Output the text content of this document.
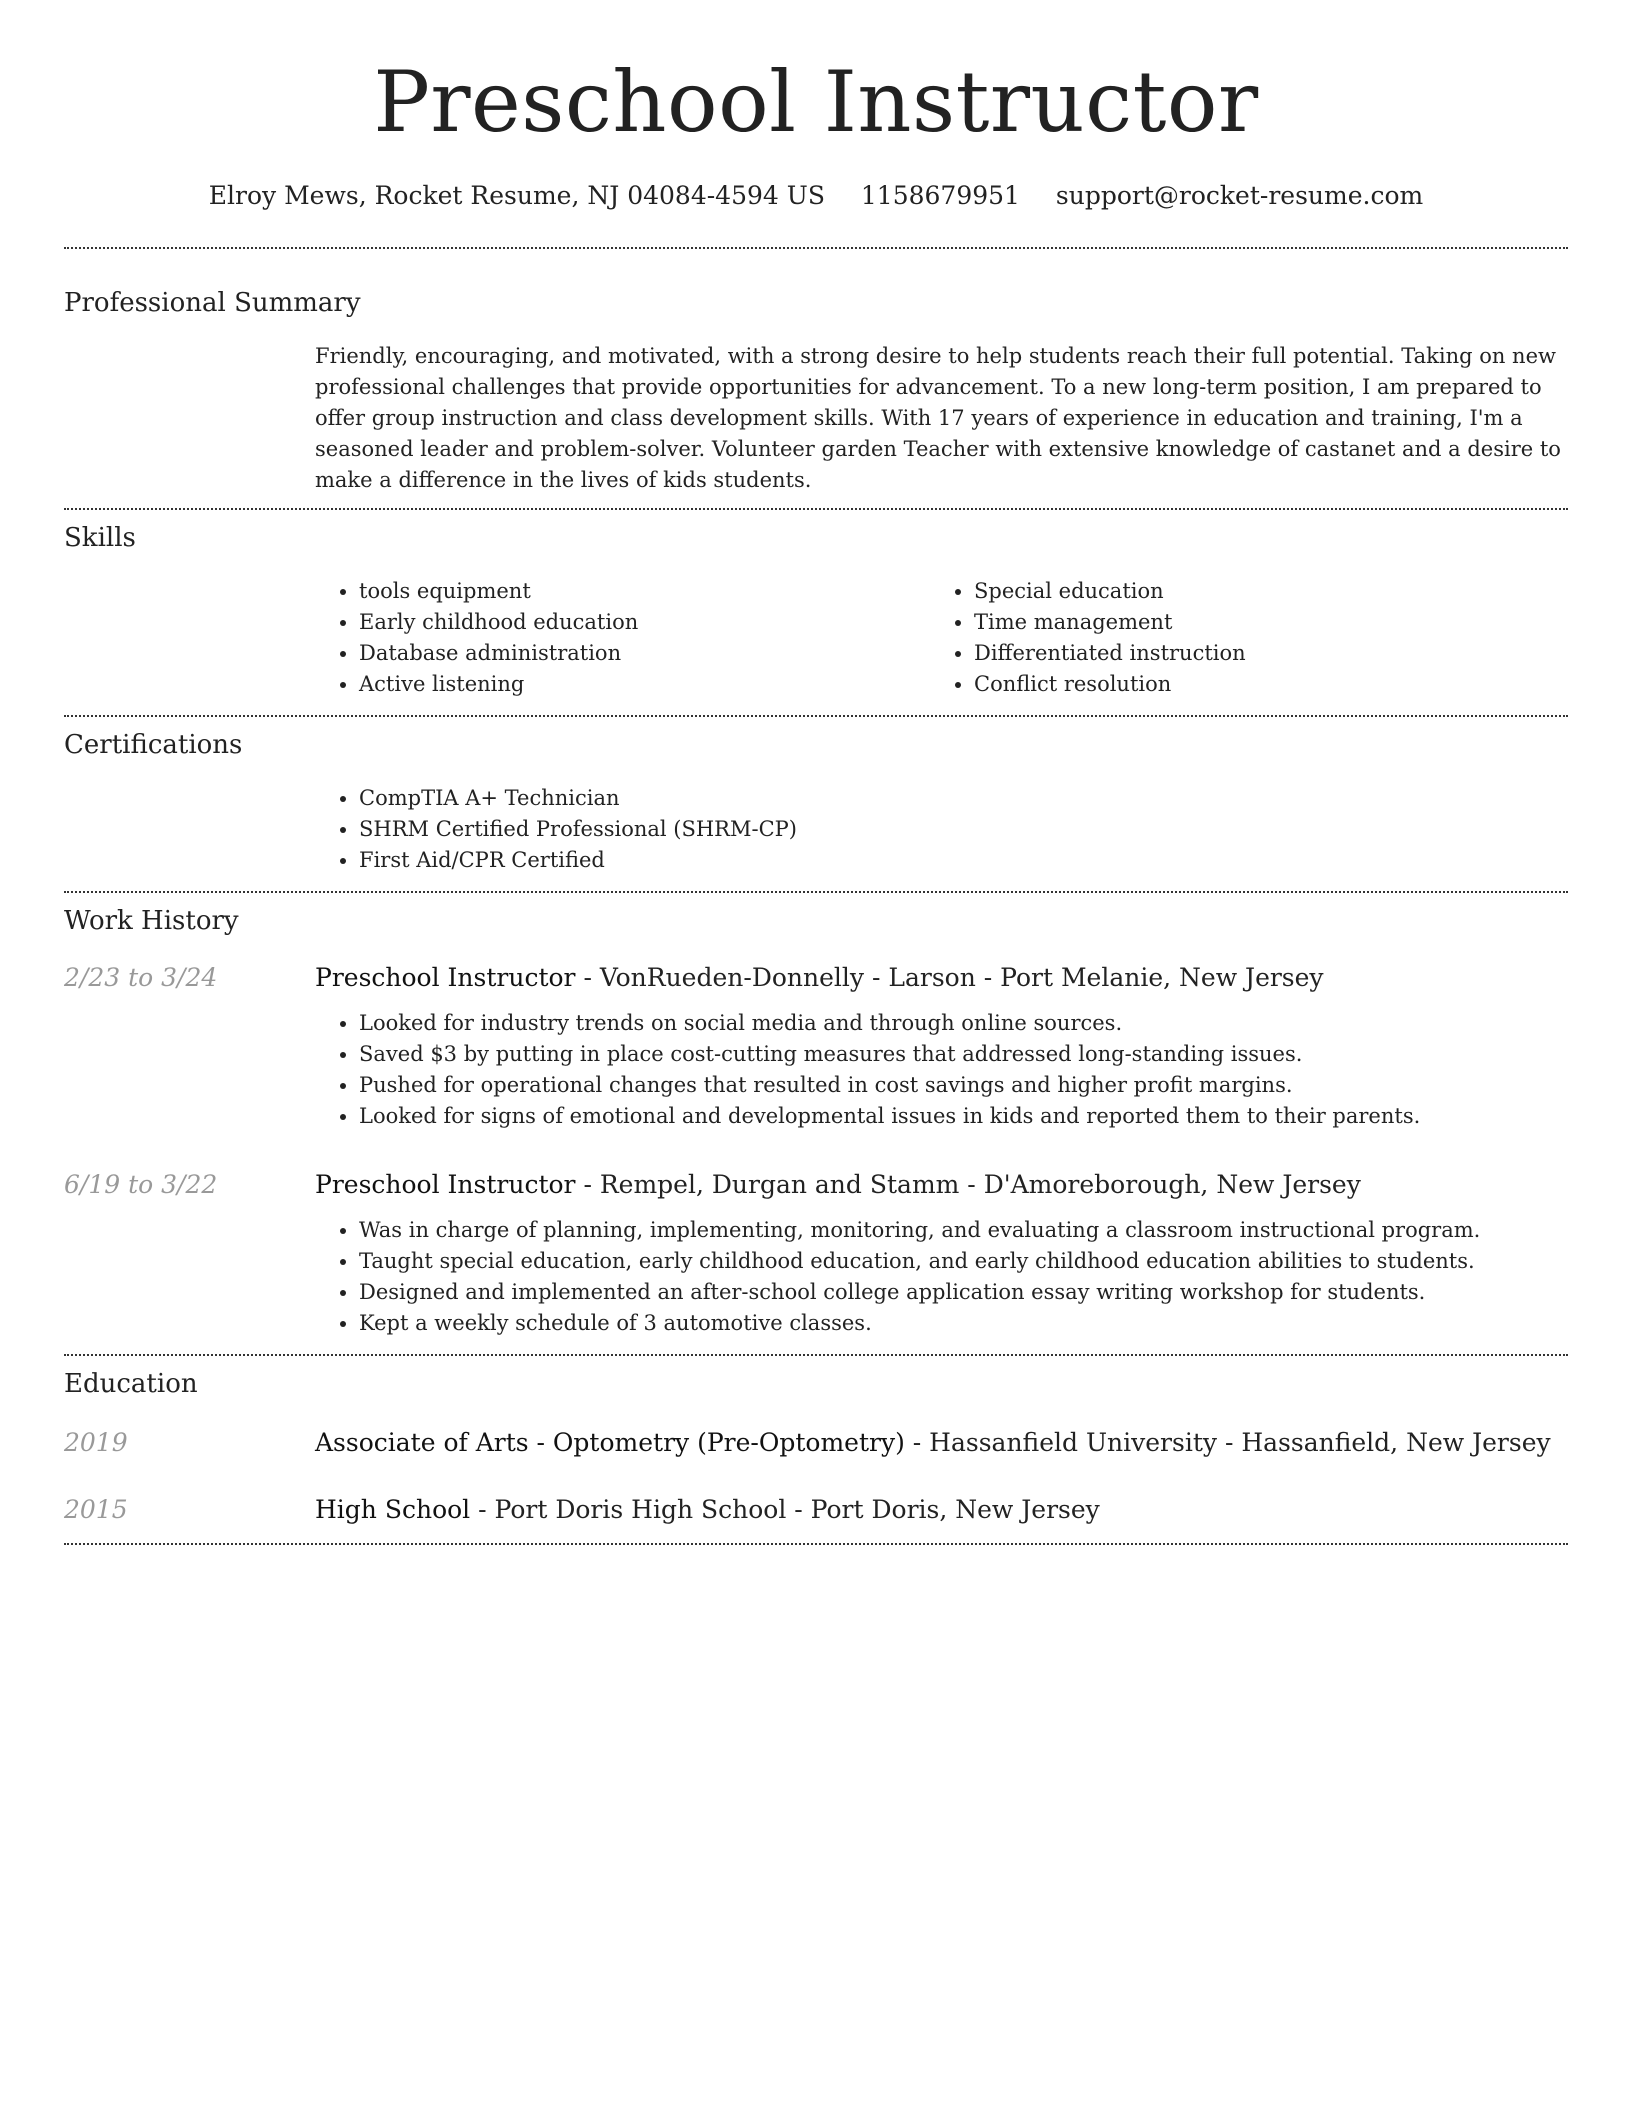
Preschool Instructor
Elroy Mews, Rocket Resume, NJ 04084-4594 US 1158679951 support@rocket-resume.com
Professional Summary

Friendly, encouraging, and motivated, with a strong desire to help students reach their full potential. Taking on new professional challenges that provide opportunities for advancement. To a new long-term position, I am prepared to offer group instruction and class development skills. With 17 years of experience in education and training, I'm a seasoned leader and problem-solver. Volunteer garden Teacher with extensive knowledge of castanet and a desire to make a difference in the lives of kids students.

Skills
• tools equipment
• Early childhood education
• Database administration
• Active listening
• Special education
• Time management
• Differentiated instruction
• Conflict resolution
Certifications
• CompTIA A+ Technician
• SHRM Certified Professional (SHRM-CP)
• First Aid/CPR Certified
Work History
2/23 to 3/24	Preschool Instructor - VonRueden-Donnelly - Larson - Port Melanie, New Jersey
• Looked for industry trends on social media and through online sources.
• Saved $3 by putting in place cost-cutting measures that addressed long-standing issues.
• Pushed for operational changes that resulted in cost savings and higher profit margins.
• Looked for signs of emotional and developmental issues in kids and reported them to their parents.
6/19 to 3/22	Preschool Instructor - Rempel, Durgan and Stamm - D'Amoreborough, New Jersey
• Was in charge of planning, implementing, monitoring, and evaluating a classroom instructional program.
• Taught special education, early childhood education, and early childhood education abilities to students.
• Designed and implemented an after-school college application essay writing workshop for students.
• Kept a weekly schedule of 3 automotive classes.
Education
2019	Associate of Arts - Optometry (Pre-Optometry) - Hassanfield University - Hassanfield, New Jersey
2015	High School - Port Doris High School - Port Doris, New Jersey
